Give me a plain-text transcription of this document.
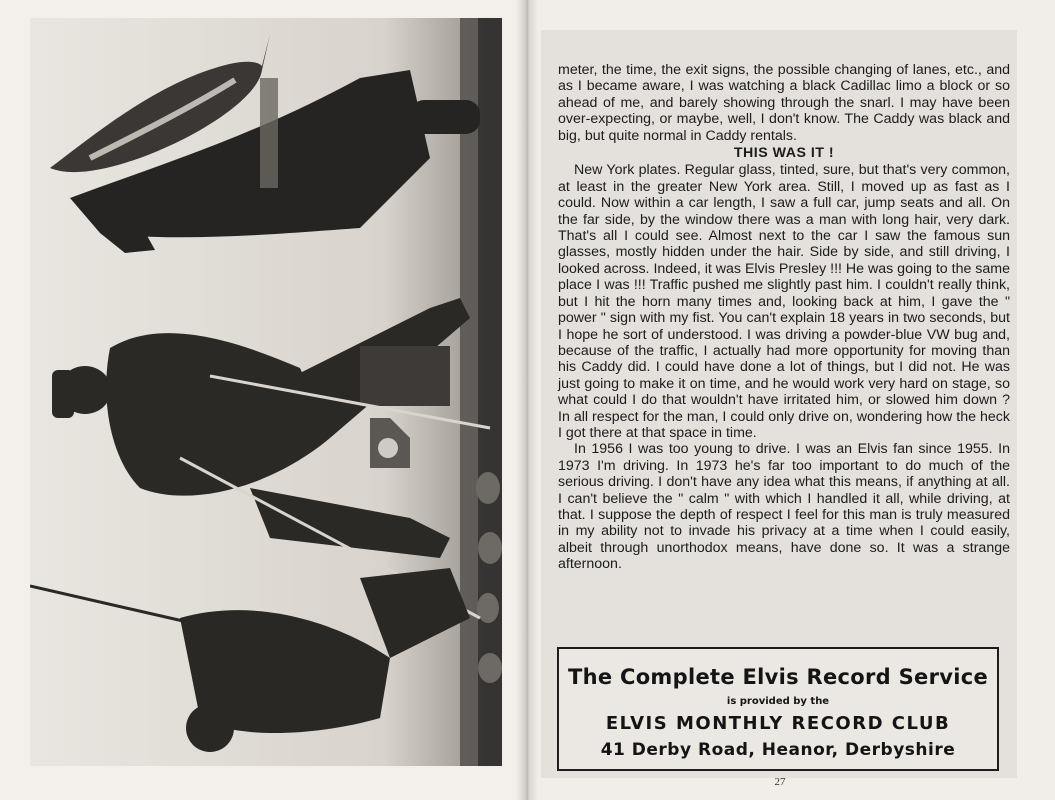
meter, the time, the exit signs, the possible changing of lanes, etc., and as I became aware, I was watching a black Cadillac limo a block or so ahead of me, and barely showing through the snarl. I may have been over-expecting, or maybe, well, I don't know. The Caddy was black and big, but quite normal in Caddy rentals.

THIS WAS IT !

New York plates. Regular glass, tinted, sure, but that's very common, at least in the greater New York area. Still, I moved up as fast as I could. Now within a car length, I saw a full car, jump seats and all. On the far side, by the window there was a man with long hair, very dark. That's all I could see. Almost next to the car I saw the famous sun glasses, mostly hidden under the hair. Side by side, and still driving, I looked across. Indeed, it was Elvis Presley !!! He was going to the same place I was !!! Traffic pushed me slightly past him. I couldn't really think, but I hit the horn many times and, looking back at him, I gave the " power " sign with my fist. You can't explain 18 years in two seconds, but I hope he sort of understood. I was driving a powder-blue VW bug and, because of the traffic, I actually had more opportunity for moving than his Caddy did. I could have done a lot of things, but I did not. He was just going to make it on time, and he would work very hard on stage, so what could I do that wouldn't have irritated him, or slowed him down ? In all respect for the man, I could only drive on, wondering how the heck I got there at that space in time.

In 1956 I was too young to drive. I was an Elvis fan since 1955. In 1973 I'm driving. In 1973 he's far too important to do much of the serious driving. I don't have any idea what this means, if anything at all. I can't believe the " calm " with which I handled it all, while driving, at that. I suppose the depth of respect I feel for this man is truly measured in my ability not to invade his privacy at a time when I could easily, albeit through unorthodox means, have done so. It was a strange afternoon.

The Complete Elvis Record Service
is provided by the
ELVIS MONTHLY RECORD CLUB
41 Derby Road, Heanor, Derbyshire
27
